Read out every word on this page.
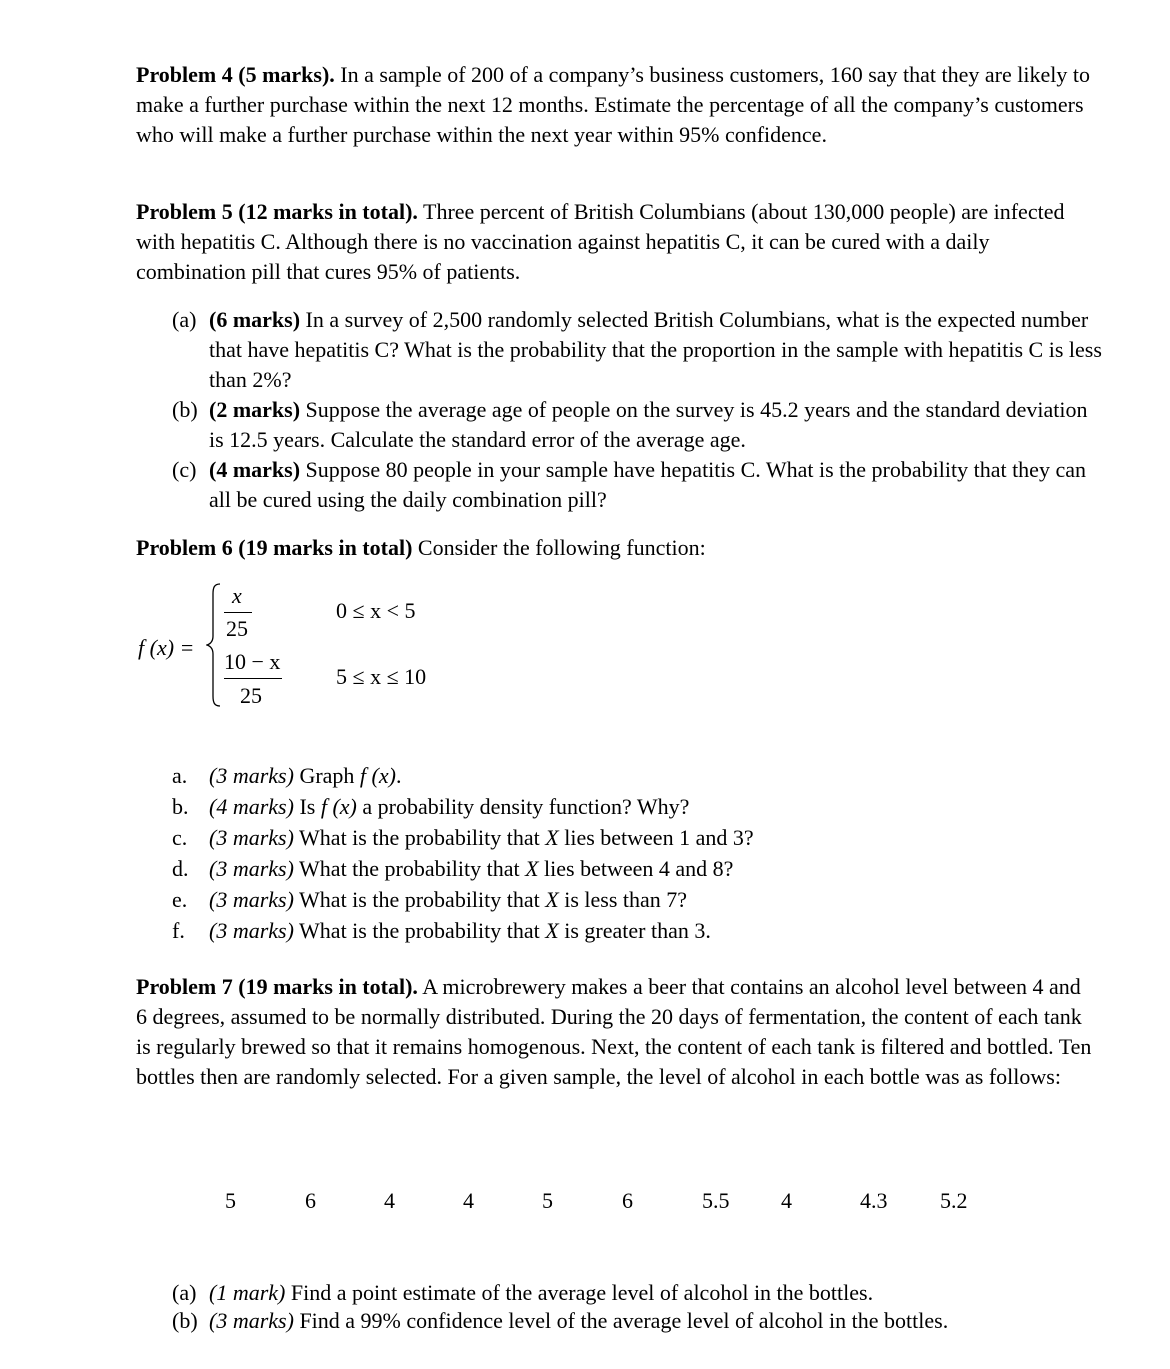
Problem 4 (5 marks). In a sample of 200 of a company’s business customers, 160 say that they are likely to make a further purchase within the next 12 months. Estimate the percentage of all the company’s customers who will make a further purchase within the next year within 95% confidence.
Problem 5 (12 marks in total). Three percent of British Columbians (about 130,000 people) are infected with hepatitis C. Although there is no vaccination against hepatitis C, it can be cured with a daily combination pill that cures 95% of patients.
(a) (6 marks) In a survey of 2,500 randomly selected British Columbians, what is the expected number that have hepatitis C? What is the probability that the proportion in the sample with hepatitis C is less than 2%?
(b) (2 marks) Suppose the average age of people on the survey is 45.2 years and the standard deviation is 12.5 years. Calculate the standard error of the average age.
(c) (4 marks) Suppose 80 people in your sample have hepatitis C. What is the probability that they can all be cured using the daily combination pill?
Problem 6 (19 marks in total) Consider the following function:
f (x) =
x
25
0 ≤ x < 5
10 − x
25
5 ≤ x ≤ 10
a. (3 marks) Graph f (x).
b. (4 marks) Is f (x) a probability density function? Why?
c. (3 marks) What is the probability that X lies between 1 and 3?
d. (3 marks) What the probability that X lies between 4 and 8?
e. (3 marks) What is the probability that X is less than 7?
f. (3 marks) What is the probability that X is greater than 3.
Problem 7 (19 marks in total). A microbrewery makes a beer that contains an alcohol level between 4 and 6 degrees, assumed to be normally distributed. During the 20 days of fermentation, the content of each tank is regularly brewed so that it remains homogenous. Next, the content of each tank is filtered and bottled. Ten bottles then are randomly selected. For a given sample, the level of alcohol in each bottle was as follows:
5	6	4	4	5	6	5.5 4	4.3 5.2
(a) (1 mark) Find a point estimate of the average level of alcohol in the bottles.
(b) (3 marks) Find a 99% confidence level of the average level of alcohol in the bottles.
